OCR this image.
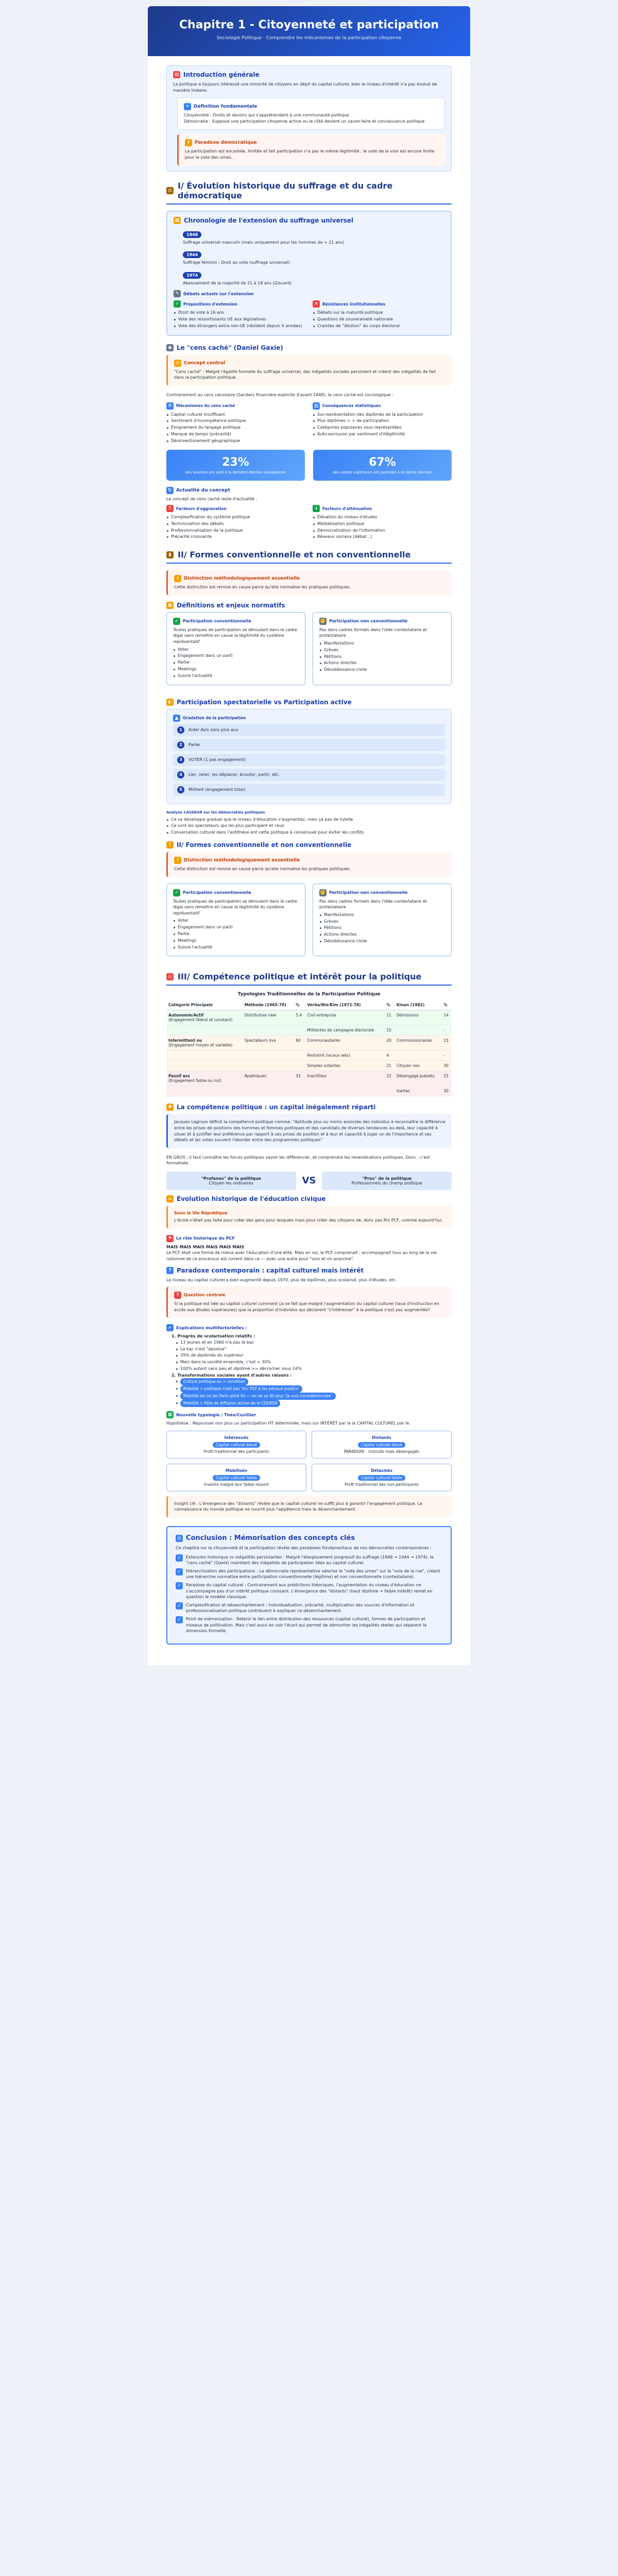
Chapitre 1 - Citoyenneté et participation

Sociologie Politique · Comprendre les mécanismes de la participation citoyenne

▤ Introduction générale

La politique a toujours intéressé une minorité de citoyens en dépit du capital culturel, bien le niveau d'intérêt n'a pas évolué de manière linéaire.

•	Définition fondamentale

Citoyenneté : Droits et devoirs qui s'appréhendent à une communauté politique

Démocratie : Suppose une participation citoyenne active ou le côté devient un savoir-faire et connaissance politique

!	Paradoxe démocratique

La participation est encadrée, limitée et fait participation n'a pas le même légitimité : le vote de la voix est encore limite pour le vote des urnes.

⚖ I/ Évolution historique du suffrage et du cadre démocratique
▦ Chronologie de l'extension du suffrage universel
1848

Suffrage universel masculin (mais uniquement pour les hommes de + 21 ans)

1944

Suffrage féminin : Droit au vote (suffrage universel)

1974

Abaissement de la majorité de 21 à 18 ans (Giscard)

✎	Débats actuels sur l'extension
✓	Propositions d'extension
Droit de vote à 16 ans
Vote des ressortissants UE aux législatives
Vote des étrangers extra non-UE (résident depuis X années)
✕	Résistances institutionnelles
Débats sur la maturité politique
Questions de souveraineté nationale
Craintes de "dilution" du corps électoral
◉ Le "cens caché" (Daniel Gaxie)
◎ Concept central

"Cens caché" : Malgré l'égalité formelle du suffrage universel, des inégalités sociales persistent et créent des inégalités de fait dans la participation politique.

Contrairement au cens censitaire (Sanders financière explicite d'avant 1848), le cens caché est sociologique :

⚙	Mécanismes du cens caché
Capital culturel insuffisant
Sentiment d'incompétence politique
Éloignement du langage politique
Manque de temps (précarité)
Désinvestissement géographique
▥	Conséquences statistiques
Sur-représentation des diplômés de la participation
Plus diplômes = + de participation
Catégories populaires sous-représentées
Auto-exclusion par sentiment d'illégitimité
23%
des ouvriers ont voté à la dernière élection européenne
67%
des cadres supérieurs ont participé à la même élection
↻ Actualité du concept

Le concept de cens caché reste d'actualité :

↑	Facteurs d'aggravation
Complexification du système politique
Technicisation des débats
Professionnalisation de la politique
Précarité croissante
↓	Facteurs d'atténuation
Élévation du niveau d'études
Médiatisation politique
Démocratisation de l'information
Réseaux sociaux (débat...)
▮ II/ Formes conventionnelle et non conventionnelle
!	Distinction méthodologiquement essentielle

Cette distinction est remise en cause parce qu'elle normalise les pratiques politiques.

▣ Définitions et enjeux normatifs
✓	Participation conventionnelle

Toutes pratiques de participation se déroulant dans le cadre légal sans remettre en cause la légitimité du système représentatif

Voter
Engagement dans un parti
Partie
Meetings
Suivre l'actualité
✊ Participation non conventionnelle

Pas dans cadres formels dans l'idée contestataire et protestataire

Manifestations
Grèves
Pétitions
Actions directes
Désobéissance civile
◐ Participation spectatorielle vs Participation active
▲	Gradation de la participation
1	Aider Avis sans plus aux
2	Parler
3	VOTER (1 pas engagement)
4	Lier, relier, les déplacer, écouter, partir, etc.
5	Militant (engagement total)
Analyse CASSEUR sur les démocraties politiques
Ce sa développe graduel que le niveau d'éducation s'augmentez, mais ça pas de tutelle
Ce sont les spectateurs qui les plus participent et ceux
Conversation culturel dans l'antithèse ent cette politique à consensuel pour éviter les conflits
! II/ Formes conventionnelle et non conventionnelle
!	Distinction méthodologiquement essentielle

Cette distinction est remise en cause parce qu'elle normalise les pratiques politiques.

✓	Participation conventionnelle

Toutes pratiques de participation se déroulant dans le cadre légal sans remettre en cause la légitimité du système représentatif

Voter
Engagement dans un parti
Partie
Meetings
Suivre l'actualité
✊ Participation non conventionnelle

Pas dans cadres formels dans l'idée contestataire et protestataire

Manifestations
Grèves
Pétitions
Actions directes
Désobéissance civile
◎ III/ Compétence politique et intérêt pour la politique
Typologies Traditionnelles de la Participation Politique
Catégorie Principale	Méthode (1965-79)	%	Verba/Nie/Kim (1972-78)	%	Kinan (1982)	%

Autonomie/Actif
(Engagement libéral et constant)	Distributive new	5.4	Civil entreprise	11	Démissions	14

			Militantes de campagne électorale	15		-

Intermittent ou
(Engagement moyen et variable)	Spectateurs liva	60	Communautaires	20	Commissionnaires	15

			Restreint (locaux wés)	4		-

			Simples votantes	21	Citoyen neo	30

Passif ass
(Engagement faible ou nul)	Apathiques	33	Inactif/esc	22	Désengagé pub/etu	15

					Inertes	30
✺ La compétence politique : un capital inégalement réparti

Jacques Lagroye définit la compétence politique comme: "Aptitude plus ou moins associée des individus à reconnaître la différence entre les prises de positions des hommes et femmes politiques et des candidats de diverses tendances au-delà, leur capacité à situer et à justifier leur préférence par rapport à ses prises de position et à leur et capacité à juger un de l'importance et ses débats et les votes souvent l'aborder entre des programmes politiques"

EN GROS : il faut connaître les forces politiques savoir les différencier, et comprendre les revendications politiques. Donc : c'est formalisée.

"Profanes" de la politique
Citoyen les ordinaires	VS	"Pros" de la politique
Professionnels du champ politique
⌂ Évolution historique de l'éducation civique
Sous la IIIe République

L'école n'était pas faite pour créer des gens pour lesquels mais pour créer des citoyens de, donc pas fini PCF, comme aujourd'hui.

⚑ Le rôle historique du PCF

MAIS MAIS MAIS MAIS MAIS MAIS

Le PCF était une forme de mieux avec l'éducation d'une élite. Mais en soi, le PCF comprenait : accompagnait tous au long de la vie rationnel de ce processus est rurrent dans ce — avec une autre pour "voix et vir anarchie".

? Paradoxe contemporain : capital culturel mais intérêt

Le niveau du capital culturel a bien augmenté depuis 1970, plus de diplômes, plus scolarisé, plus d'études, etc.

?	Question centrale

Si la politique est liée au capital culturel comment ça se fait que malgré l'augmentation du capital culturel (taux d'instruction en accès aux études supérieures) que la proportion d'individus qui déclarent "s'intéresser" à la politique n'est pas augmentée?

⌕	Explications multifactorielles :

1. Progrès de scolarisation relatifs :

13 jeunes et en 1960 n'a pas le bac
La bac n'est "absolue"
35% de diplômés du supérieur
Mais dans la société ensemble, c'est = 30%
100% autant sans peu et diplômé >= décrocher vous 16%

2. Transformations sociales ayant d'autres raisons :

Culture politique au > condition
Mobilité > politique n'est pas 'tru' PCF à les pénaux publics'
Mobilité les ou les Paris aimé foi — on ne se dit plus "je suis sociodémocrate"
Mobilité > Rôle de diffusion active de la CDI/RSA
▦ Nouvelle typologie / Théo/Cuvillier

Hypothèse : Repousser non plus un participation HT déterminée, mais sur INTÉRÊT par la le CAPITAL CULTUREL par le.

Intéressés
Capital culturel élevé
Profil traditionnel des participants
Distants
Capital culturel élevé
PARADOXE : instruits mais désengagés
Mobilisés
Capital culturel faible
Investis malgré leur faible ressort
Détachés
Capital culturel faible
Profil traditionnel des non-participants

Insight clé : L'émergence des "distants" révèle que le capital culturel ne suffit plus à garantir l'engagement politique. La connaissance du monde politique ne nourrit plus l'appétence mais le désenchantement.

◎ Conclusion : Mémorisation des concepts clés

Ce chapitre sur la citoyenneté et la participation révèle des paradoxes fondamentaux de nos démocraties contemporaines :

✓	Extension historique vs inégalités persistantes : Malgré l'élargissement progressif du suffrage (1848 → 1944 → 1974), le "cens caché" (Gaxie) maintient des inégalités de participation liées au capital culturel.

✓	Hiérarchisation des participations : La démocratie représentative valorise le "vote des urnes" sur la "voix de la rue", créant une hiérarchie normative entre participation conventionnelle (légitime) et non conventionnelle (contestataire).

✓	Paradoxe du capital culturel : Contrairement aux prédictions théoriques, l'augmentation du niveau d'éducation ne s'accompagne pas d'un intérêt politique croissant. L'émergence des "distants" (haut diplôme + faible intérêt) remet en question le modèle classique.

✓	Complexification et désenchantement : Individualisation, précarité, multiplication des sources d'information et professionnalisation politique contribuent à expliquer ce désenchantement.

✓	Point de mémorisation : Retenir le lien entre distribution des ressources (capital culturel), formes de participation et niveaux de politisation. Mais c'est aussi en voir l'écart qui permet de démontrer les inégalités réelles qui séparent la dimension formelle.
